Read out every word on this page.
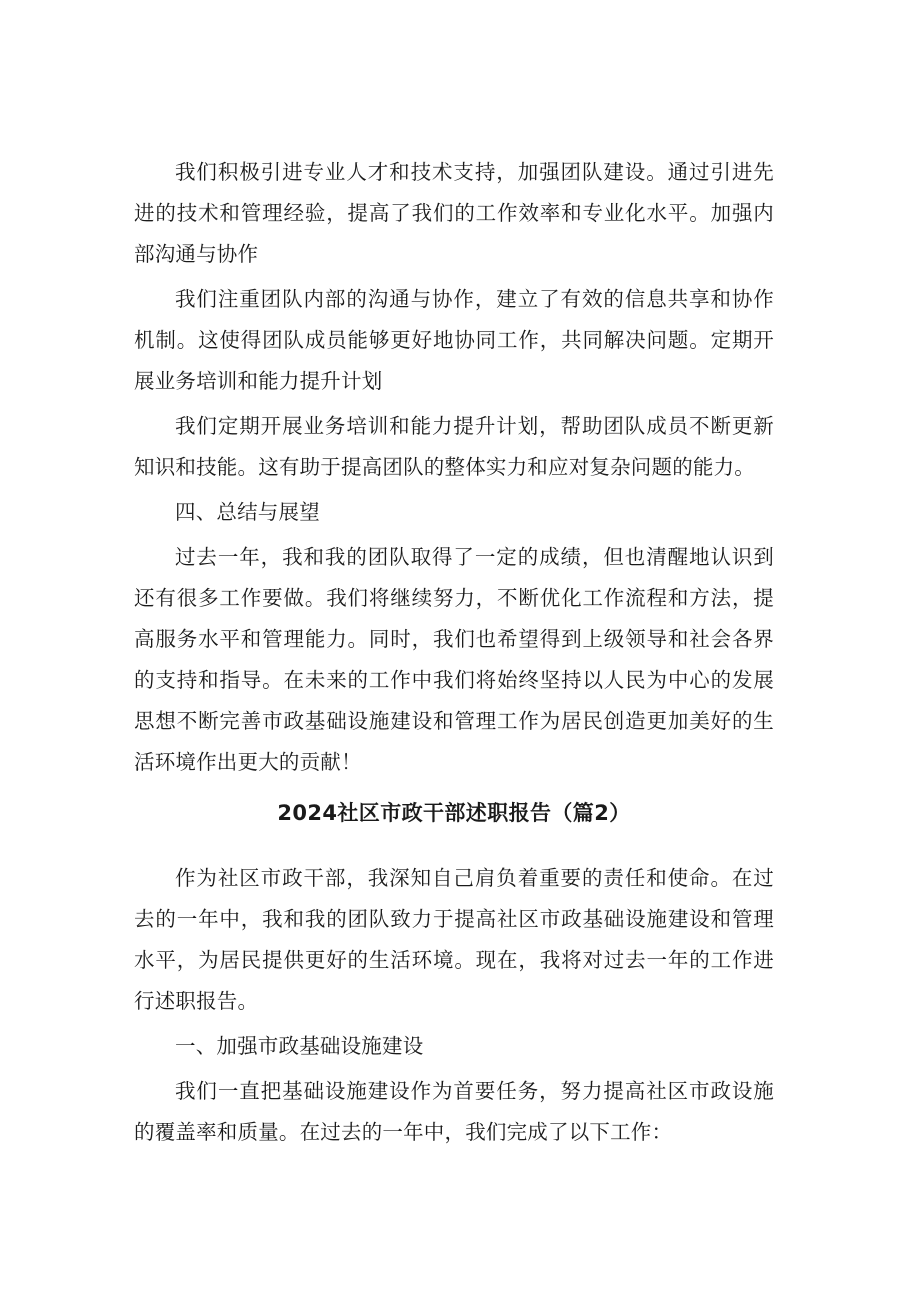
我们积极引进专业人才和技术支持，加强团队建设。通过引进先进的技术和管理经验，提高了我们的工作效率和专业化水平。加强内部沟通与协作

我们注重团队内部的沟通与协作，建立了有效的信息共享和协作机制。这使得团队成员能够更好地协同工作，共同解决问题。定期开展业务培训和能力提升计划

我们定期开展业务培训和能力提升计划，帮助团队成员不断更新知识和技能。这有助于提高团队的整体实力和应对复杂问题的能力。

四、总结与展望

过去一年，我和我的团队取得了一定的成绩，但也清醒地认识到还有很多工作要做。我们将继续努力，不断优化工作流程和方法，提高服务水平和管理能力。同时，我们也希望得到上级领导和社会各界的支持和指导。在未来的工作中我们将始终坚持以人民为中心的发展思想不断完善市政基础设施建设和管理工作为居民创造更加美好的生活环境作出更大的贡献！

2024社区市政干部述职报告（篇2）

作为社区市政干部，我深知自己肩负着重要的责任和使命。在过去的一年中，我和我的团队致力于提高社区市政基础设施建设和管理水平，为居民提供更好的生活环境。现在，我将对过去一年的工作进行述职报告。

一、加强市政基础设施建设

我们一直把基础设施建设作为首要任务，努力提高社区市政设施的覆盖率和质量。在过去的一年中，我们完成了以下工作：
